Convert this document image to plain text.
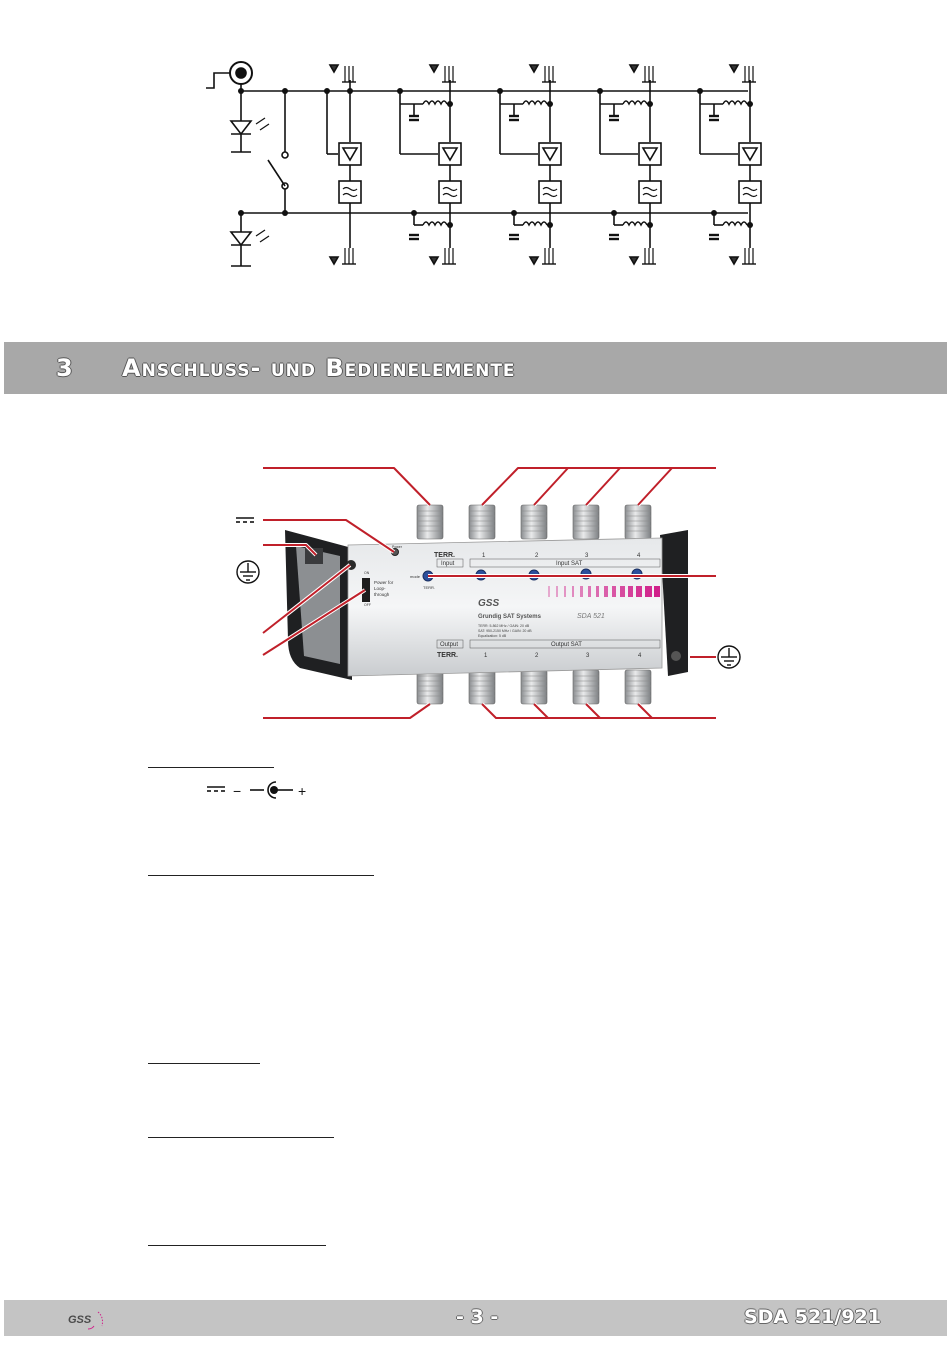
3 Anschluss- und Bedienelemente
TERR.
Input	Input SAT
1	2	3	4
mode
TERR.
GSS
Grundig SAT Systems	SDA 521
TERR: 5-862 MHz / GAIN: 20 dB
SAT: 950-2150 MHz / GAIN: 20 dB
Equalization: 5 dB
Power
ON
OFF
Power for
Loop-
through
Output
TERR.
Output SAT
1	2	3	4
−	+
- 3 -	SDA 521/921
GSS
